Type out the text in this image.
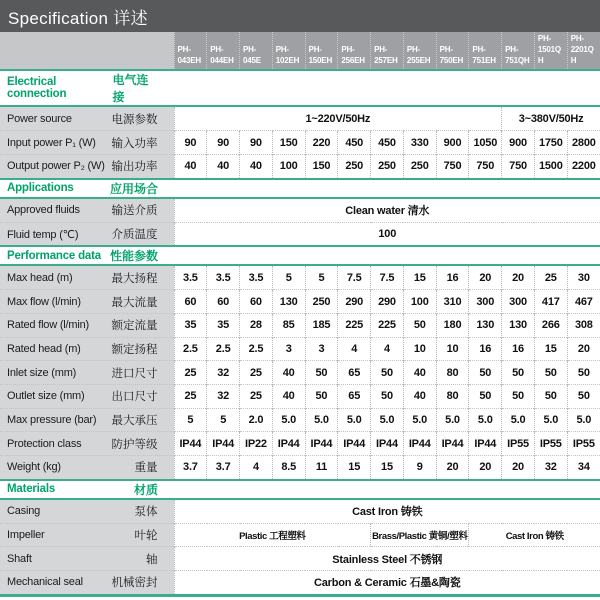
Specification 详述
	PH-043EH	PH-044EH	PH-045E	PH-102EH	PH-150EH	PH-256EH	PH-257EH	PH-255EH	PH-750EH	PH-751EH	PH-751QH	PH-1501QH	PH-2201QH

Electrical connection
电气连接													

Power source 电源参数	1~220V/50Hz										3~380V/50Hz		

Input power P₁ (W) 输入功率	90	90	90	150	220	450	450	330	900	1050	900	1750	2800

Output power P₂ (W) 输出功率	40	40	40	100	150	250	250	250	750	750	750	1500	2200

Applications 应用场合													

Approved fluids 输送介质	Clean water 清水												

Fluid temp (℃) 介质温度	100												

Performance data 性能参数													

Max head (m) 最大扬程	3.5	3.5	3.5	5	5	7.5	7.5	15	16	20	20	25	30

Max flow (l/min) 最大流量	60	60	60	130	250	290	290	100	310	300	300	417	467

Rated flow (l/min) 额定流量	35	35	28	85	185	225	225	50	180	130	130	266	308

Rated head (m) 额定扬程	2.5	2.5	2.5	3	3	4	4	10	10	16	16	15	20

Inlet size (mm) 进口尺寸	25	32	25	40	50	65	50	40	80	50	50	50	50

Outlet size (mm) 出口尺寸	25	32	25	40	50	65	50	40	80	50	50	50	50

Max pressure (bar) 最大承压	5	5	2.0	5.0	5.0	5.0	5.0	5.0	5.0	5.0	5.0	5.0	5.0

Protection class 防护等级	IP44	IP44	IP22	IP44	IP44	IP44	IP44	IP44	IP44	IP44	IP55	IP55	IP55

Weight (kg) 重量	3.7	3.7	4	8.5	11	15	15	9	20	20	20	32	34

Materials 材质													

Casing 泵体	Cast Iron 铸铁												

Impeller 叶轮	Plastic 工程塑料						Brass/Plastic 黄铜/塑料			Cast Iron 铸铁			

Shaft 轴	Stainless Steel 不锈钢												

Mechanical seal 机械密封	Carbon & Ceramic 石墨&陶瓷												
